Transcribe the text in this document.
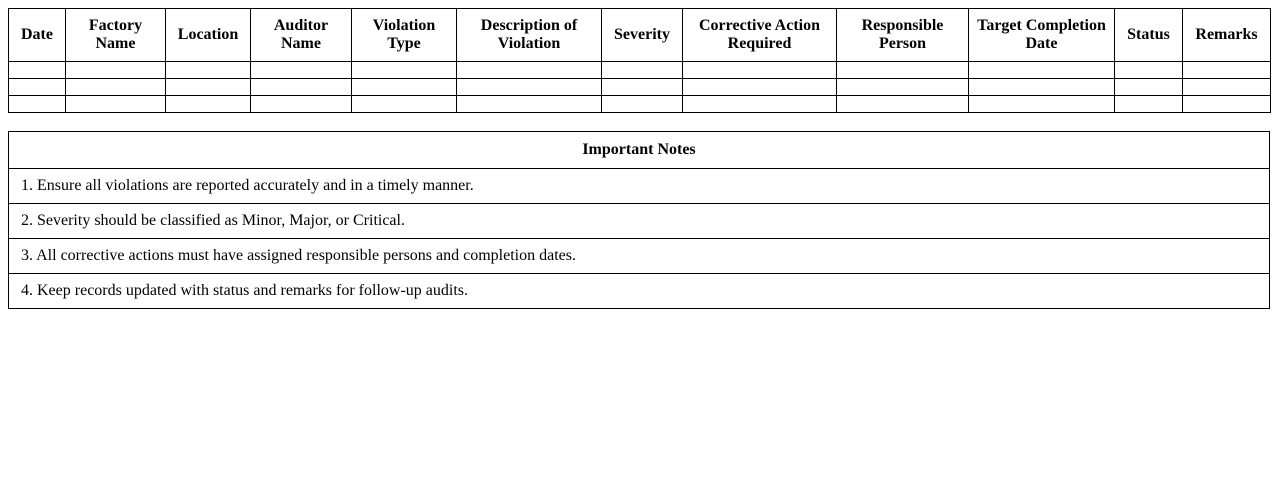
Date	Factory Name	Location	Auditor Name	Violation Type	Description of Violation	Severity	Corrective Action Required	Responsible Person	Target Completion Date	Status	Remarks

Important Notes
1. Ensure all violations are reported accurately and in a timely manner.
2. Severity should be classified as Minor, Major, or Critical.
3. All corrective actions must have assigned responsible persons and completion dates.
4. Keep records updated with status and remarks for follow-up audits.
